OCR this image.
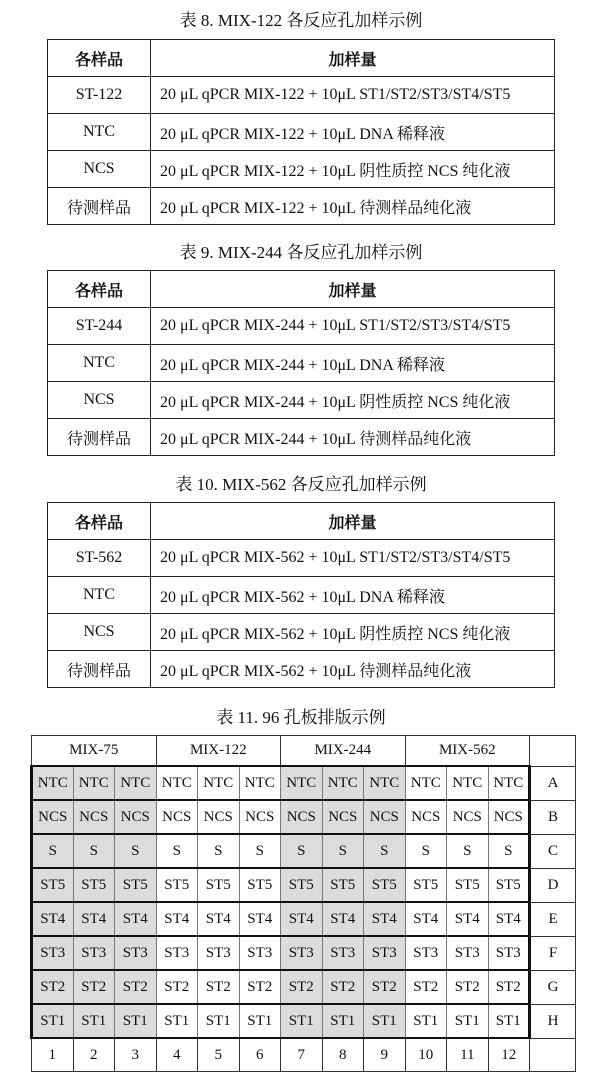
表 8. MIX-122 各反应孔加样示例
各样品	加样量
ST-122	20 μL qPCR MIX-122 + 10μL ST1/ST2/ST3/ST4/ST5
NTC	20 μL qPCR MIX-122 + 10μL DNA 稀释液
NCS	20 μL qPCR MIX-122 + 10μL 阴性质控 NCS 纯化液
待测样品	20 μL qPCR MIX-122 + 10μL 待测样品纯化液
表 9. MIX-244 各反应孔加样示例
各样品	加样量
ST-244	20 μL qPCR MIX-244 + 10μL ST1/ST2/ST3/ST4/ST5
NTC	20 μL qPCR MIX-244 + 10μL DNA 稀释液
NCS	20 μL qPCR MIX-244 + 10μL 阴性质控 NCS 纯化液
待测样品	20 μL qPCR MIX-244 + 10μL 待测样品纯化液
表 10. MIX-562 各反应孔加样示例
各样品	加样量
ST-562	20 μL qPCR MIX-562 + 10μL ST1/ST2/ST3/ST4/ST5
NTC	20 μL qPCR MIX-562 + 10μL DNA 稀释液
NCS	20 μL qPCR MIX-562 + 10μL 阴性质控 NCS 纯化液
待测样品	20 μL qPCR MIX-562 + 10μL 待测样品纯化液
表 11. 96 孔板排版示例
MIX-75			MIX-122			MIX-244			MIX-562			
NTC	NTC	NTC	NTC	NTC	NTC	NTC	NTC	NTC	NTC	NTC	NTC	A
NCS	NCS	NCS	NCS	NCS	NCS	NCS	NCS	NCS	NCS	NCS	NCS	B
S	S	S	S	S	S	S	S	S	S	S	S	C
ST5	ST5	ST5	ST5	ST5	ST5	ST5	ST5	ST5	ST5	ST5	ST5	D
ST4	ST4	ST4	ST4	ST4	ST4	ST4	ST4	ST4	ST4	ST4	ST4	E
ST3	ST3	ST3	ST3	ST3	ST3	ST3	ST3	ST3	ST3	ST3	ST3	F
ST2	ST2	ST2	ST2	ST2	ST2	ST2	ST2	ST2	ST2	ST2	ST2	G
ST1	ST1	ST1	ST1	ST1	ST1	ST1	ST1	ST1	ST1	ST1	ST1	H
1	2	3	4	5	6	7	8	9	10	11	12	
